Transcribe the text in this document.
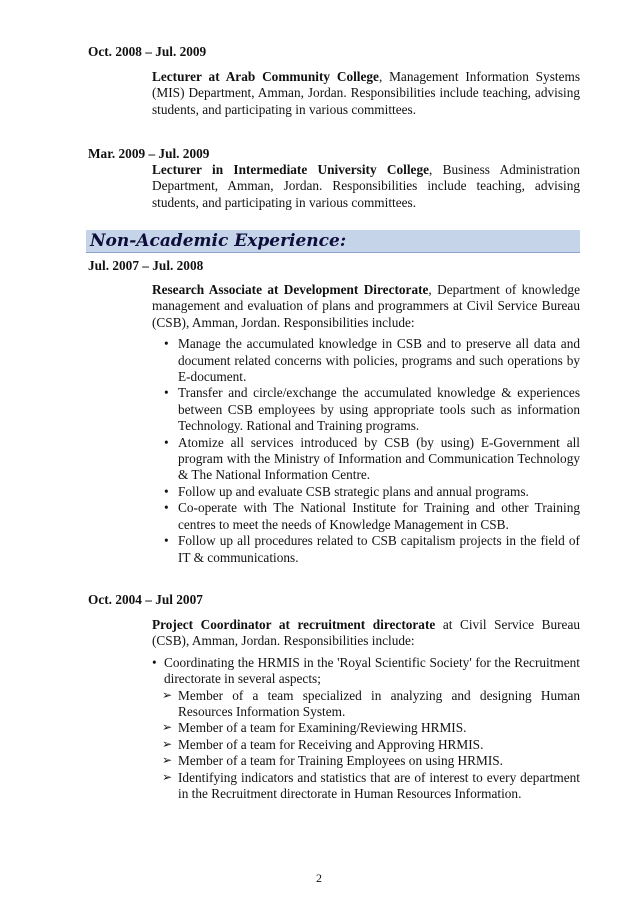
Oct. 2008 – Jul. 2009

Lecturer at Arab Community College, Management Information Systems (MIS) Department, Amman, Jordan. Responsibilities include teaching, advising students, and participating in various committees.

Mar. 2009 – Jul. 2009

Lecturer in Intermediate University College, Business Administration Department, Amman, Jordan. Responsibilities include teaching, advising students, and participating in various committees.

Non-Academic Experience:
Jul. 2007 – Jul. 2008

Research Associate at Development Directorate, Department of knowledge management and evaluation of plans and programmers at Civil Service Bureau (CSB), Amman, Jordan. Responsibilities include:

• Manage the accumulated knowledge in CSB and to preserve all data and document related concerns with policies, programs and such operations by E-document.
• Transfer and circle/exchange the accumulated knowledge & experiences between CSB employees by using appropriate tools such as information Technology. Rational and Training programs.
• Atomize all services introduced by CSB (by using) E-Government all program with the Ministry of Information and Communication Technology & The National Information Centre.
• Follow up and evaluate CSB strategic plans and annual programs.
• Co-operate with The National Institute for Training and other Training centres to meet the needs of Knowledge Management in CSB.
• Follow up all procedures related to CSB capitalism projects in the field of IT & communications.
Oct. 2004 – Jul 2007

Project Coordinator at recruitment directorate at Civil Service Bureau (CSB), Amman, Jordan. Responsibilities include:

• Coordinating the HRMIS in the 'Royal Scientific Society' for the Recruitment directorate in several aspects;
➢ Member of a team specialized in analyzing and designing Human Resources Information System.
➢ Member of a team for Examining/Reviewing HRMIS.
➢ Member of a team for Receiving and Approving HRMIS.
➢ Member of a team for Training Employees on using HRMIS.
➢ Identifying indicators and statistics that are of interest to every department in the Recruitment directorate in Human Resources Information.
2
